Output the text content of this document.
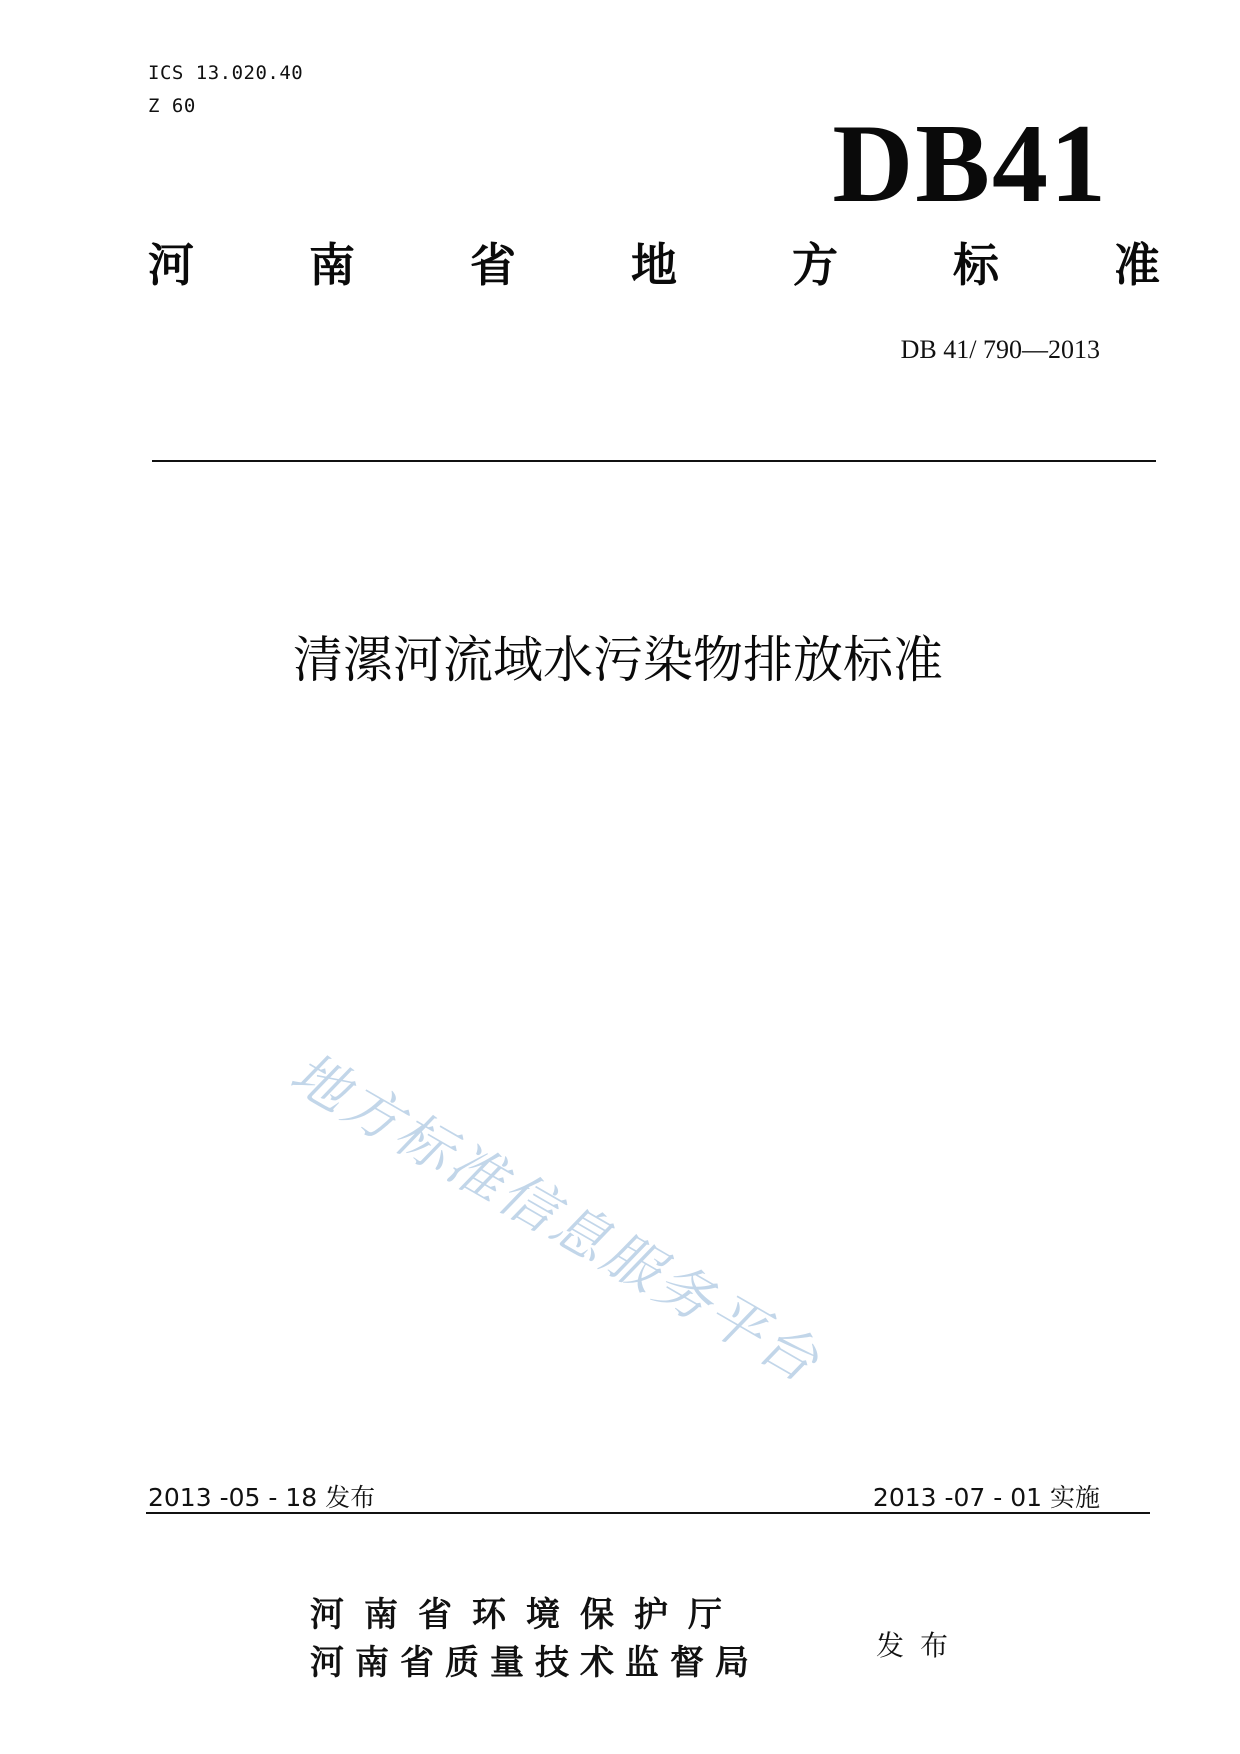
ICS 13.020.40
Z 60	DB41
河	南	省	地	方	标	准
DB 41/ 790—2013
清漯河流域水污染物排放标准
地方标准信息服务平台
2013 -05 - 18 发布	2013 -07 - 01 实施
河南省环境保护厅
河南省质量技术监督局	发布
